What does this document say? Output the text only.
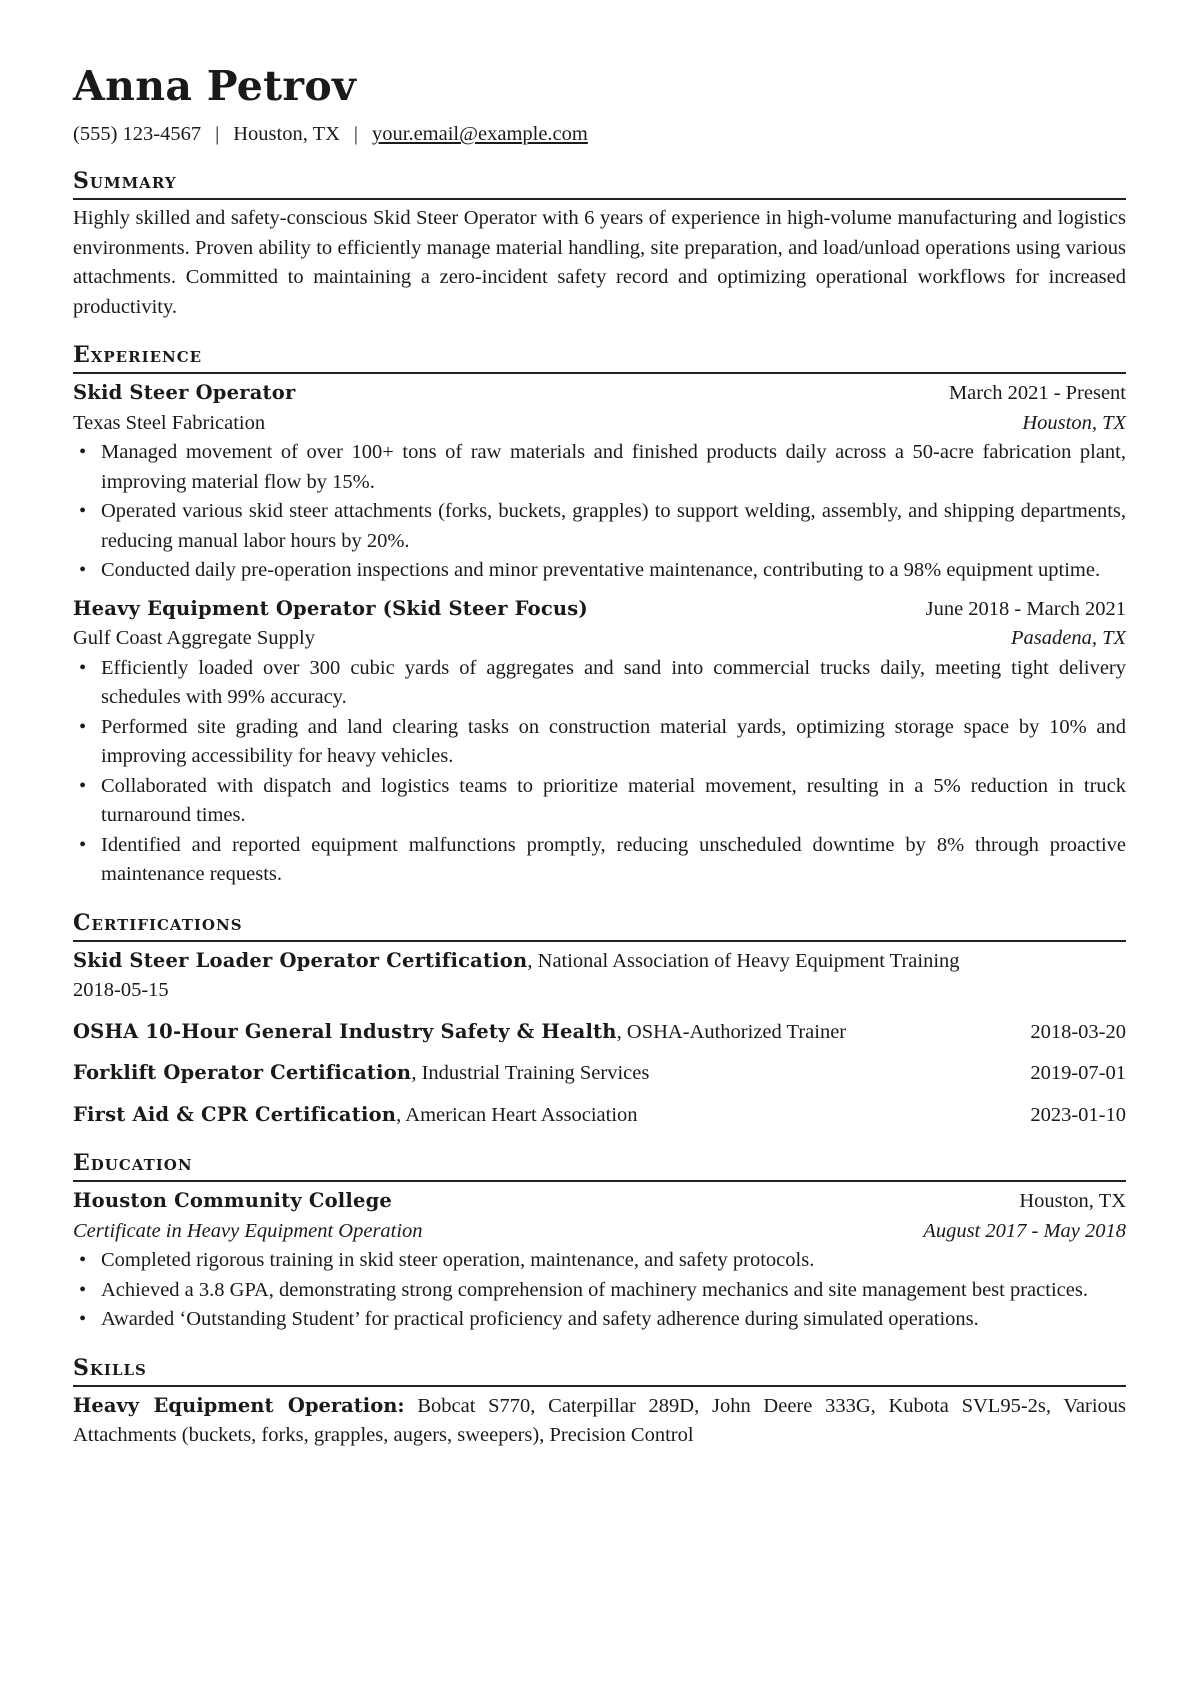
Anna Petrov
(555) 123-4567 | Houston, TX | your.email@example.com
Summary
Highly skilled and safety-conscious Skid Steer Operator with 6 years of experience in high-volume manufacturing and logistics environments. Proven ability to efficiently manage material handling, site preparation, and load/unload operations using various attachments. Committed to maintaining a zero-incident safety record and optimizing operational workflows for increased productivity.
Experience
Skid Steer Operator	March 2021 - Present
Texas Steel Fabrication	Houston, TX
• Managed movement of over 100+ tons of raw materials and finished products daily across a 50-acre fabrication plant, improving material flow by 15%.
• Operated various skid steer attachments (forks, buckets, grapples) to support welding, assembly, and shipping departments, reducing manual labor hours by 20%.
• Conducted daily pre-operation inspections and minor preventative maintenance, contributing to a 98% equipment uptime.
Heavy Equipment Operator (Skid Steer Focus)	June 2018 - March 2021
Gulf Coast Aggregate Supply	Pasadena, TX
• Efficiently loaded over 300 cubic yards of aggregates and sand into commercial trucks daily, meeting tight delivery schedules with 99% accuracy.
• Performed site grading and land clearing tasks on construction material yards, optimizing storage space by 10% and improving accessibility for heavy vehicles.
• Collaborated with dispatch and logistics teams to prioritize material movement, resulting in a 5% reduction in truck turnaround times.
• Identified and reported equipment malfunctions promptly, reducing unscheduled downtime by 8% through proactive maintenance requests.
Certifications
Skid Steer Loader Operator Certification, National Association of Heavy Equipment Training
2018-05-15
OSHA 10-Hour General Industry Safety & Health, OSHA-Authorized Trainer	2018-03-20
Forklift Operator Certification, Industrial Training Services	2019-07-01
First Aid & CPR Certification, American Heart Association	2023-01-10
Education
Houston Community College	Houston, TX
Certificate in Heavy Equipment Operation	August 2017 - May 2018
• Completed rigorous training in skid steer operation, maintenance, and safety protocols.
• Achieved a 3.8 GPA, demonstrating strong comprehension of machinery mechanics and site management best practices.
• Awarded ‘Outstanding Student’ for practical proficiency and safety adherence during simulated operations.
Skills
Heavy Equipment Operation: Bobcat S770, Caterpillar 289D, John Deere 333G, Kubota SVL95-2s, Various Attachments (buckets, forks, grapples, augers, sweepers), Precision Control
